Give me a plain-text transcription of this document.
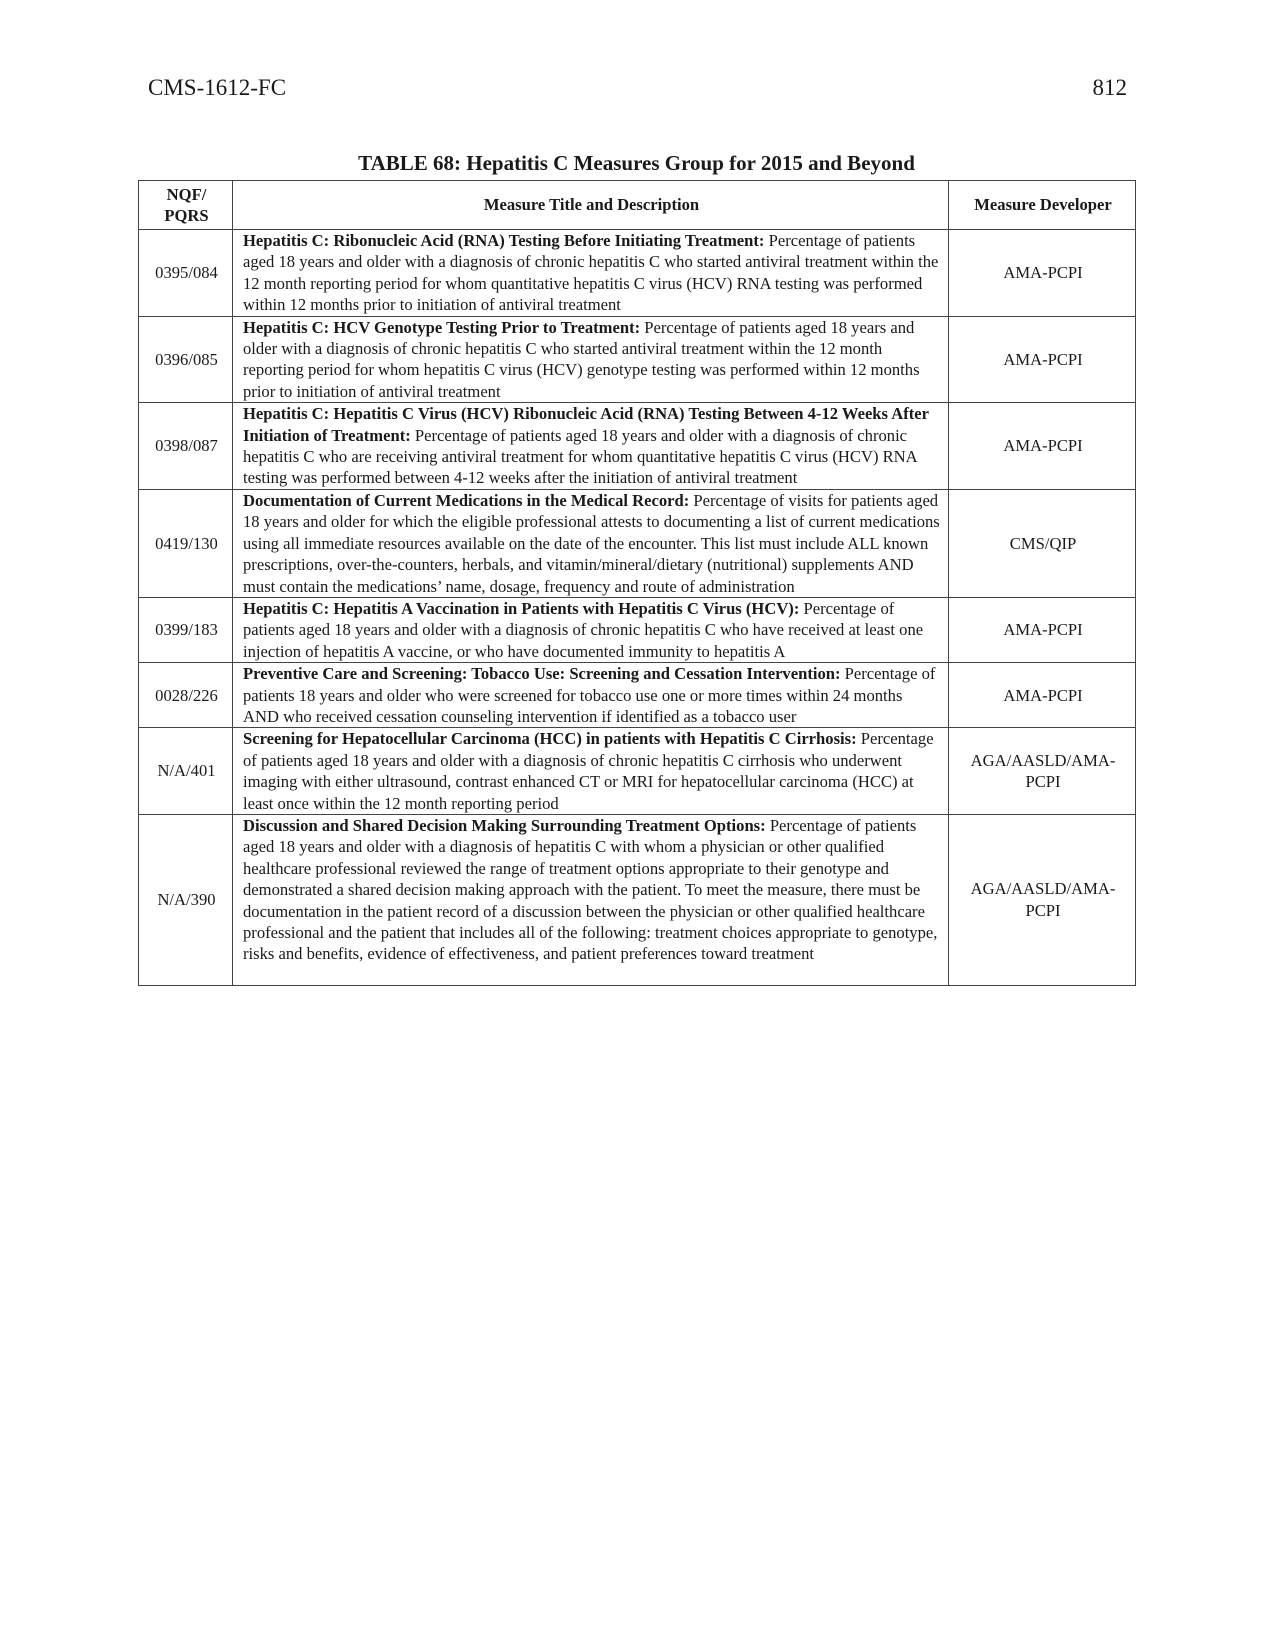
CMS-1612-FC	812
TABLE 68: Hepatitis C Measures Group for 2015 and Beyond
NQF/
PQRS	Measure Title and Description	Measure Developer
0395/084	Hepatitis C: Ribonucleic Acid (RNA) Testing Before Initiating Treatment: Percentage of patients aged 18 years and older with a diagnosis of chronic hepatitis C who started antiviral treatment within the 12 month reporting period for whom quantitative hepatitis C virus (HCV) RNA testing was performed within 12 months prior to initiation of antiviral treatment	AMA-PCPI
0396/085	Hepatitis C: HCV Genotype Testing Prior to Treatment: Percentage of patients aged 18 years and older with a diagnosis of chronic hepatitis C who started antiviral treatment within the 12 month reporting period for whom hepatitis C virus (HCV) genotype testing was performed within 12 months prior to initiation of antiviral treatment	AMA-PCPI
0398/087	Hepatitis C: Hepatitis C Virus (HCV) Ribonucleic Acid (RNA) Testing Between 4-12 Weeks After Initiation of Treatment: Percentage of patients aged 18 years and older with a diagnosis of chronic hepatitis C who are receiving antiviral treatment for whom quantitative hepatitis C virus (HCV) RNA testing was performed between 4-12 weeks after the initiation of antiviral treatment	AMA-PCPI
0419/130	Documentation of Current Medications in the Medical Record: Percentage of visits for patients aged 18 years and older for which the eligible professional attests to documenting a list of current medications using all immediate resources available on the date of the encounter. This list must include ALL known prescriptions, over-the-counters, herbals, and vitamin/mineral/dietary (nutritional) supplements AND must contain the medications’ name, dosage, frequency and route of administration	CMS/QIP
0399/183	Hepatitis C: Hepatitis A Vaccination in Patients with Hepatitis C Virus (HCV): Percentage of patients aged 18 years and older with a diagnosis of chronic hepatitis C who have received at least one injection of hepatitis A vaccine, or who have documented immunity to hepatitis A	AMA-PCPI
0028/226	Preventive Care and Screening: Tobacco Use: Screening and Cessation Intervention: Percentage of patients 18 years and older who were screened for tobacco use one or more times within 24 months AND who received cessation counseling intervention if identified as a tobacco user	AMA-PCPI
N/A/401	Screening for Hepatocellular Carcinoma (HCC) in patients with Hepatitis C Cirrhosis: Percentage of patients aged 18 years and older with a diagnosis of chronic hepatitis C cirrhosis who underwent imaging with either ultrasound, contrast enhanced CT or MRI for hepatocellular carcinoma (HCC) at least once within the 12 month reporting period	AGA/AASLD/AMA-PCPI
N/A/390	Discussion and Shared Decision Making Surrounding Treatment Options: Percentage of patients aged 18 years and older with a diagnosis of hepatitis C with whom a physician or other qualified healthcare professional reviewed the range of treatment options appropriate to their genotype and demonstrated a shared decision making approach with the patient. To meet the measure, there must be documentation in the patient record of a discussion between the physician or other qualified healthcare professional and the patient that includes all of the following: treatment choices appropriate to genotype, risks and benefits, evidence of effectiveness, and patient preferences toward treatment	AGA/AASLD/AMA-PCPI
